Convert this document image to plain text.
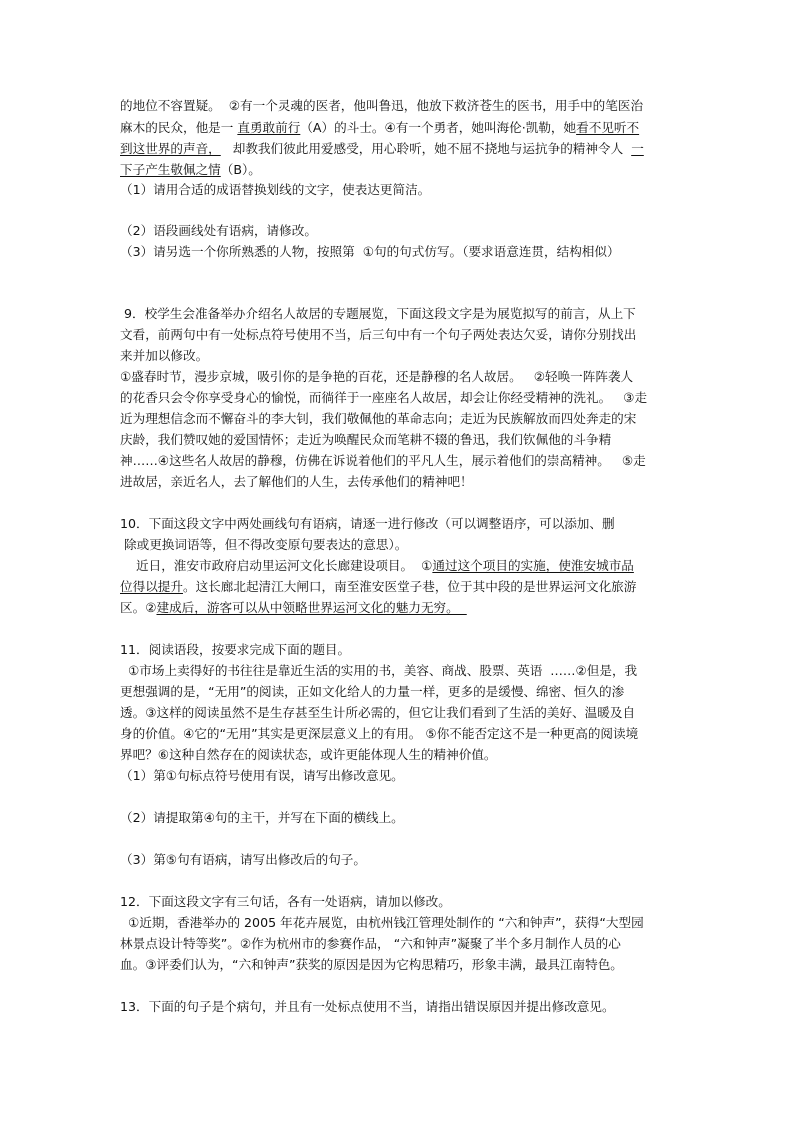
的地位不容置疑。  ②有一个灵魂的医者，他叫鲁迅，他放下救济苍生的医书，用手中的笔医治
麻木的民众，他是一 直勇敢前行（A）的斗士。④有一个勇者，她叫海伦·凯勒，她看不见听不
到这世界的声音，   却教我们彼此用爱感受，用心聆听，她不屈不挠地与运抗争的精神令人  一
下子产生敬佩之情（B）。
（1）请用合适的成语替换划线的文字，使表达更简洁。
（2）语段画线处有语病，请修改。
（3）请另选一个你所熟悉的人物，按照第  ①句的句式仿写。（要求语意连贯，结构相似）
9．校学生会准备举办介绍名人故居的专题展览，下面这段文字是为展览拟写的前言，从上下
文看，前两句中有一处标点符号使用不当，后三句中有一个句子两处表达欠妥，请你分别找出
来并加以修改。
①盛春时节，漫步京城，吸引你的是争艳的百花，还是静穆的名人故居。   ②轻唤一阵阵袭人
的花香只会令你享受身心的愉悦，而徜徉于一座座名人故居，却会让你经受精神的洗礼。   ③走
近为理想信念而不懈奋斗的李大钊，我们敬佩他的革命志向；走近为民族解放而四处奔走的宋
庆龄，我们赞叹她的爱国情怀；走近为唤醒民众而笔耕不辍的鲁迅，我们钦佩他的斗争精
神……④这些名人故居的静穆，仿佛在诉说着他们的平凡人生，展示着他们的崇高精神。   ⑤走
进故居，亲近名人，去了解他们的人生，去传承他们的精神吧！
10．下面这段文字中两处画线句有语病，请逐一进行修改（可以调整语序，可以添加、删
除或更换词语等，但不得改变原句要表达的意思）。
近日，淮安市政府启动里运河文化长廊建设项目。  ①通过这个项目的实施，使淮安城市品
位得以提升。这长廊北起清江大闸口，南至淮安医堂子巷，位于其中段的是世界运河文化旅游
区。②建成后，游客可以从中领略世界运河文化的魅力无穷。
11．阅读语段，按要求完成下面的题目。
①市场上卖得好的书往往是靠近生活的实用的书，美容、商战、股票、英语  ……②但是，我
更想强调的是，“无用”的阅读，正如文化给人的力量一样，更多的是缓慢、绵密、恒久的渗
透。③这样的阅读虽然不是生存甚至生计所必需的，但它让我们看到了生活的美好、温暖及自
身的价值。④它的“无用”其实是更深层意义上的有用。 ⑤你不能否定这不是一种更高的阅读境
界吧？⑥这种自然存在的阅读状态，或许更能体现人生的精神价值。
（1）第①句标点符号使用有误，请写出修改意见。
（2）请提取第④句的主干，并写在下面的横线上。
（3）第⑤句有语病，请写出修改后的句子。
12．下面这段文字有三句话，各有一处语病，请加以修改。
①近期，香港举办的 2005 年花卉展览，由杭州钱江管理处制作的 “六和钟声”，获得“大型园
林景点设计特等奖”。②作为杭州市的参赛作品， “六和钟声”凝聚了半个多月制作人员的心
血。③评委们认为，“六和钟声”获奖的原因是因为它构思精巧，形象丰满，最具江南特色。
13．下面的句子是个病句，并且有一处标点使用不当，请指出错误原因并提出修改意见。
